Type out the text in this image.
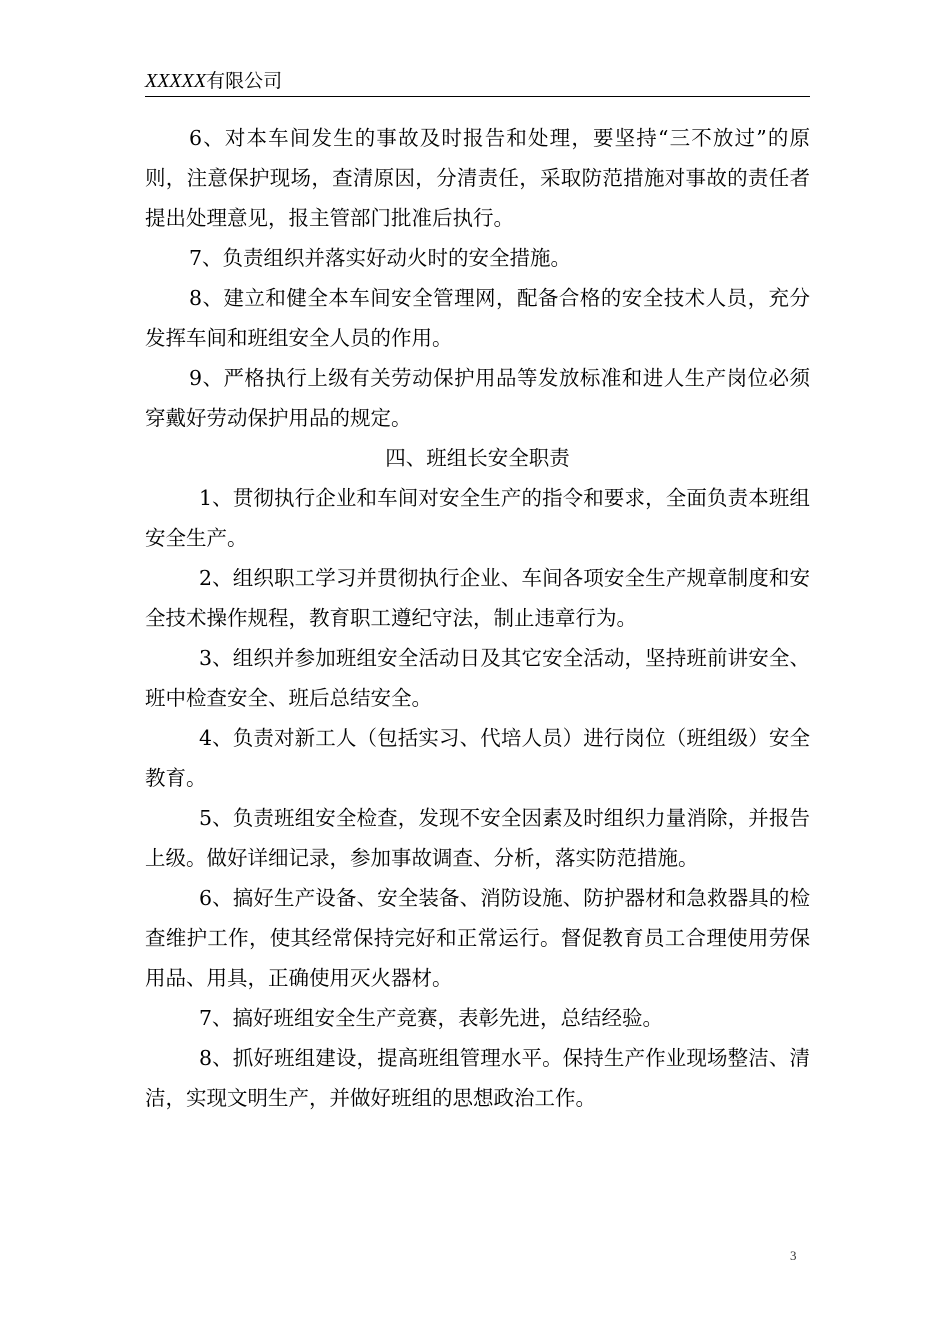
XXXXX有限公司

6、对本车间发生的事故及时报告和处理，要坚持“三不放过”的原则，注意保护现场，查清原因，分清责任，采取防范措施对事故的责任者提出处理意见，报主管部门批准后执行。

7、负责组织并落实好动火时的安全措施。

8、建立和健全本车间安全管理网，配备合格的安全技术人员，充分发挥车间和班组安全人员的作用。

9、严格执行上级有关劳动保护用品等发放标准和进人生产岗位必须穿戴好劳动保护用品的规定。

四、班组长安全职责

1、贯彻执行企业和车间对安全生产的指令和要求，全面负责本班组安全生产。

2、组织职工学习并贯彻执行企业、车间各项安全生产规章制度和安全技术操作规程，教育职工遵纪守法，制止违章行为。

3、组织并参加班组安全活动日及其它安全活动，坚持班前讲安全、班中检查安全、班后总结安全。

4、负责对新工人（包括实习、代培人员）进行岗位（班组级）安全教育。

5、负责班组安全检查，发现不安全因素及时组织力量消除，并报告上级。做好详细记录，参加事故调查、分析，落实防范措施。

6、搞好生产设备、安全装备、消防设施、防护器材和急救器具的检查维护工作，使其经常保持完好和正常运行。督促教育员工合理使用劳保用品、用具，正确使用灭火器材。

7、搞好班组安全生产竞赛，表彰先进，总结经验。

8、抓好班组建设，提高班组管理水平。保持生产作业现场整洁、清洁，实现文明生产，并做好班组的思想政治工作。

3
